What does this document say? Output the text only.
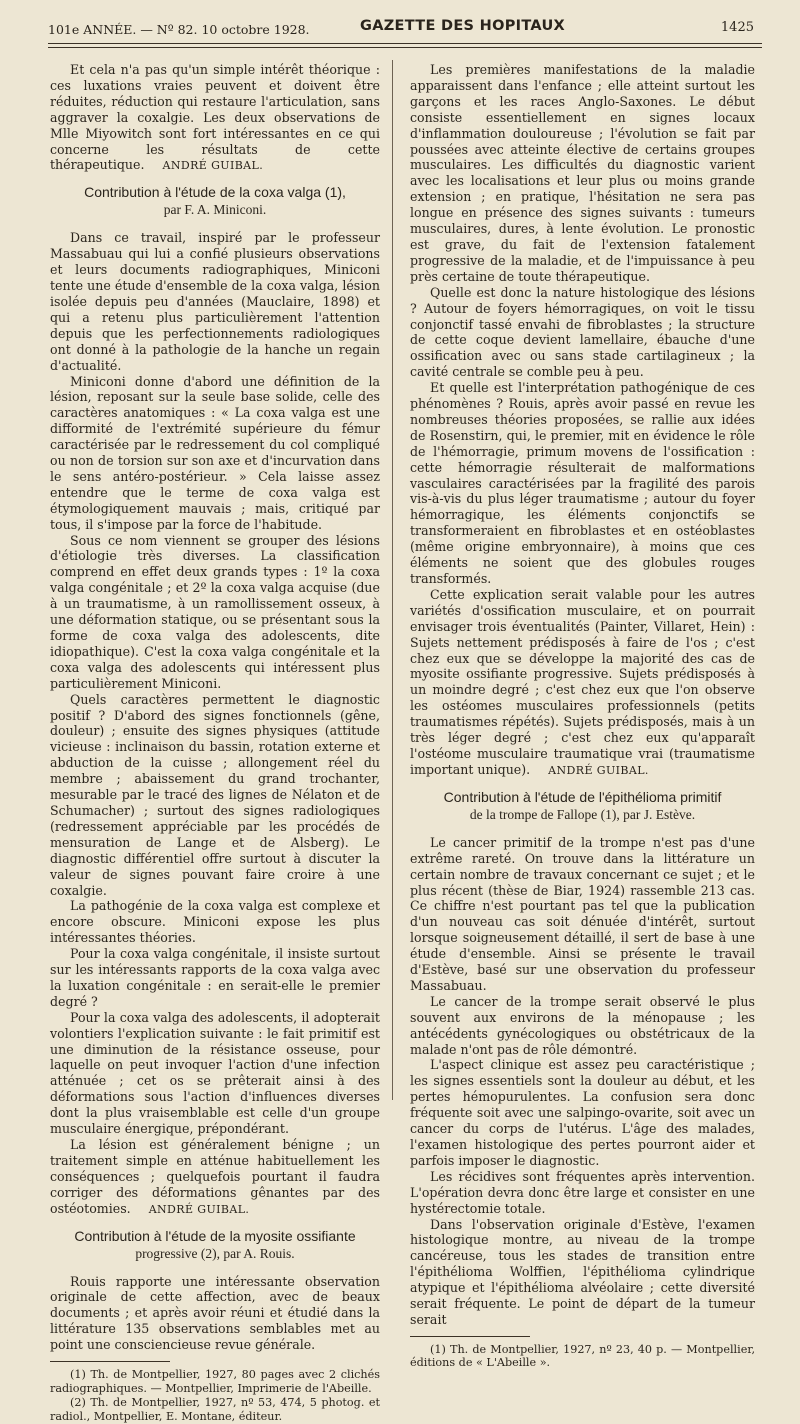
101e ANNÉE. — Nº 82. 10 octobre 1928.	GAZETTE DES HOPITAUX	1425

Et cela n'a pas qu'un simple intérêt théorique : ces luxations vraies peuvent et doivent être réduites, réduction qui restaure l'articulation, sans aggraver la coxalgie. Les deux observations de Mlle Miyowitch sont fort intéressantes en ce qui concerne les résultats de cette thérapeutique. ANDRÉ GUIBAL.

Contribution à l'étude de la coxa valga (1),
par F. A. Miniconi.

Dans ce travail, inspiré par le professeur Massabuau qui lui a confié plusieurs observations et leurs documents radiographiques, Miniconi tente une étude d'ensemble de la coxa valga, lésion isolée depuis peu d'années (Mauclaire, 1898) et qui a retenu plus particulièrement l'attention depuis que les perfectionnements radiologiques ont donné à la pathologie de la hanche un regain d'actualité.

Miniconi donne d'abord une définition de la lésion, reposant sur la seule base solide, celle des caractères anatomiques : « La coxa valga est une difformité de l'extrémité supérieure du fémur caractérisée par le redressement du col compliqué ou non de torsion sur son axe et d'incurvation dans le sens antéro-postérieur. » Cela laisse assez entendre que le terme de coxa valga est étymologiquement mauvais ; mais, critiqué par tous, il s'impose par la force de l'habitude.

Sous ce nom viennent se grouper des lésions d'étiologie très diverses. La classification comprend en effet deux grands types : 1º la coxa valga congénitale ; et 2º la coxa valga acquise (due à un traumatisme, à un ramollissement osseux, à une déformation statique, ou se présentant sous la forme de coxa valga des adolescents, dite idiopathique). C'est la coxa valga congénitale et la coxa valga des adolescents qui intéressent plus particulièrement Miniconi.

Quels caractères permettent le diagnostic positif ? D'abord des signes fonctionnels (gêne, douleur) ; ensuite des signes physiques (attitude vicieuse : inclinaison du bassin, rotation externe et abduction de la cuisse ; allongement réel du membre ; abaissement du grand trochanter, mesurable par le tracé des lignes de Nélaton et de Schumacher) ; surtout des signes radiologiques (redressement appréciable par les procédés de mensuration de Lange et de Alsberg). Le diagnostic différentiel offre surtout à discuter la valeur de signes pouvant faire croire à une coxalgie.

La pathogénie de la coxa valga est complexe et encore obscure. Miniconi expose les plus intéressantes théories.

Pour la coxa valga congénitale, il insiste surtout sur les intéressants rapports de la coxa valga avec la luxation congénitale : en serait-elle le premier degré ?

Pour la coxa valga des adolescents, il adopterait volontiers l'explication suivante : le fait primitif est une diminution de la résistance osseuse, pour laquelle on peut invoquer l'action d'une infection atténuée ; cet os se prêterait ainsi à des déformations sous l'action d'influences diverses dont la plus vraisemblable est celle d'un groupe musculaire énergique, prépondérant.

La lésion est généralement bénigne ; un traitement simple en atténue habituellement les conséquences ; quelquefois pourtant il faudra corriger des déformations gênantes par des ostéotomies. ANDRÉ GUIBAL.

Contribution à l'étude de la myosite ossifiante
progressive (2), par A. Rouis.

Rouis rapporte une intéressante observation originale de cette affection, avec de beaux documents ; et après avoir réuni et étudié dans la littérature 135 observations semblables met au point une consciencieuse revue générale.

(1) Th. de Montpellier, 1927, 80 pages avec 2 clichés radiographiques. — Montpellier, Imprimerie de l'Abeille.

(2) Th. de Montpellier, 1927, nº 53, 474, 5 photog. et radiol., Montpellier, E. Montane, éditeur.

Les premières manifestations de la maladie apparaissent dans l'enfance ; elle atteint surtout les garçons et les races Anglo-Saxones. Le début consiste essentiellement en signes locaux d'inflammation douloureuse ; l'évolution se fait par poussées avec atteinte élective de certains groupes musculaires. Les difficultés du diagnostic varient avec les localisations et leur plus ou moins grande extension ; en pratique, l'hésitation ne sera pas longue en présence des signes suivants : tumeurs musculaires, dures, à lente évolution. Le pronostic est grave, du fait de l'extension fatalement progressive de la maladie, et de l'impuissance à peu près certaine de toute thérapeutique.

Quelle est donc la nature histologique des lésions ? Autour de foyers hémorragiques, on voit le tissu conjonctif tassé envahi de fibroblastes ; la structure de cette coque devient lamellaire, ébauche d'une ossification avec ou sans stade cartilagineux ; la cavité centrale se comble peu à peu.

Et quelle est l'interprétation pathogénique de ces phénomènes ? Rouis, après avoir passé en revue les nombreuses théories proposées, se rallie aux idées de Rosenstirn, qui, le premier, mit en évidence le rôle de l'hémorragie, primum movens de l'ossification : cette hémorragie résulterait de malformations vasculaires caractérisées par la fragilité des parois vis-à-vis du plus léger traumatisme ; autour du foyer hémorragique, les éléments conjonctifs se transformeraient en fibroblastes et en ostéoblastes (même origine embryonnaire), à moins que ces éléments ne soient que des globules rouges transformés.

Cette explication serait valable pour les autres variétés d'ossification musculaire, et on pourrait envisager trois éventualités (Painter, Villaret, Hein) : Sujets nettement prédisposés à faire de l'os ; c'est chez eux que se développe la majorité des cas de myosite ossifiante progressive. Sujets prédisposés à un moindre degré ; c'est chez eux que l'on observe les ostéomes musculaires professionnels (petits traumatismes répétés). Sujets prédisposés, mais à un très léger degré ; c'est chez eux qu'apparaît l'ostéome musculaire traumatique vrai (traumatisme important unique). ANDRÉ GUIBAL.

Contribution à l'étude de l'épithélioma primitif
de la trompe de Fallope (1), par J. Estève.

Le cancer primitif de la trompe n'est pas d'une extrême rareté. On trouve dans la littérature un certain nombre de travaux concernant ce sujet ; et le plus récent (thèse de Biar, 1924) rassemble 213 cas. Ce chiffre n'est pourtant pas tel que la publication d'un nouveau cas soit dénuée d'intérêt, surtout lorsque soigneusement détaillé, il sert de base à une étude d'ensemble. Ainsi se présente le travail d'Estève, basé sur une observation du professeur Massabuau.

Le cancer de la trompe serait observé le plus souvent aux environs de la ménopause ; les antécédents gynécologiques ou obstétricaux de la malade n'ont pas de rôle démontré.

L'aspect clinique est assez peu caractéristique ; les signes essentiels sont la douleur au début, et les pertes hémopurulentes. La confusion sera donc fréquente soit avec une salpingo-ovarite, soit avec un cancer du corps de l'utérus. L'âge des malades, l'examen histologique des pertes pourront aider et parfois imposer le diagnostic.

Les récidives sont fréquentes après intervention. L'opération devra donc être large et consister en une hystérectomie totale.

Dans l'observation originale d'Estève, l'examen histologique montre, au niveau de la trompe cancéreuse, tous les stades de transition entre l'épithélioma Wolffien, l'épithélioma cylindrique atypique et l'épithélioma alvéolaire ; cette diversité serait fréquente. Le point de départ de la tumeur serait

(1) Th. de Montpellier, 1927, nº 23, 40 p. — Montpellier, éditions de « L'Abeille ».
